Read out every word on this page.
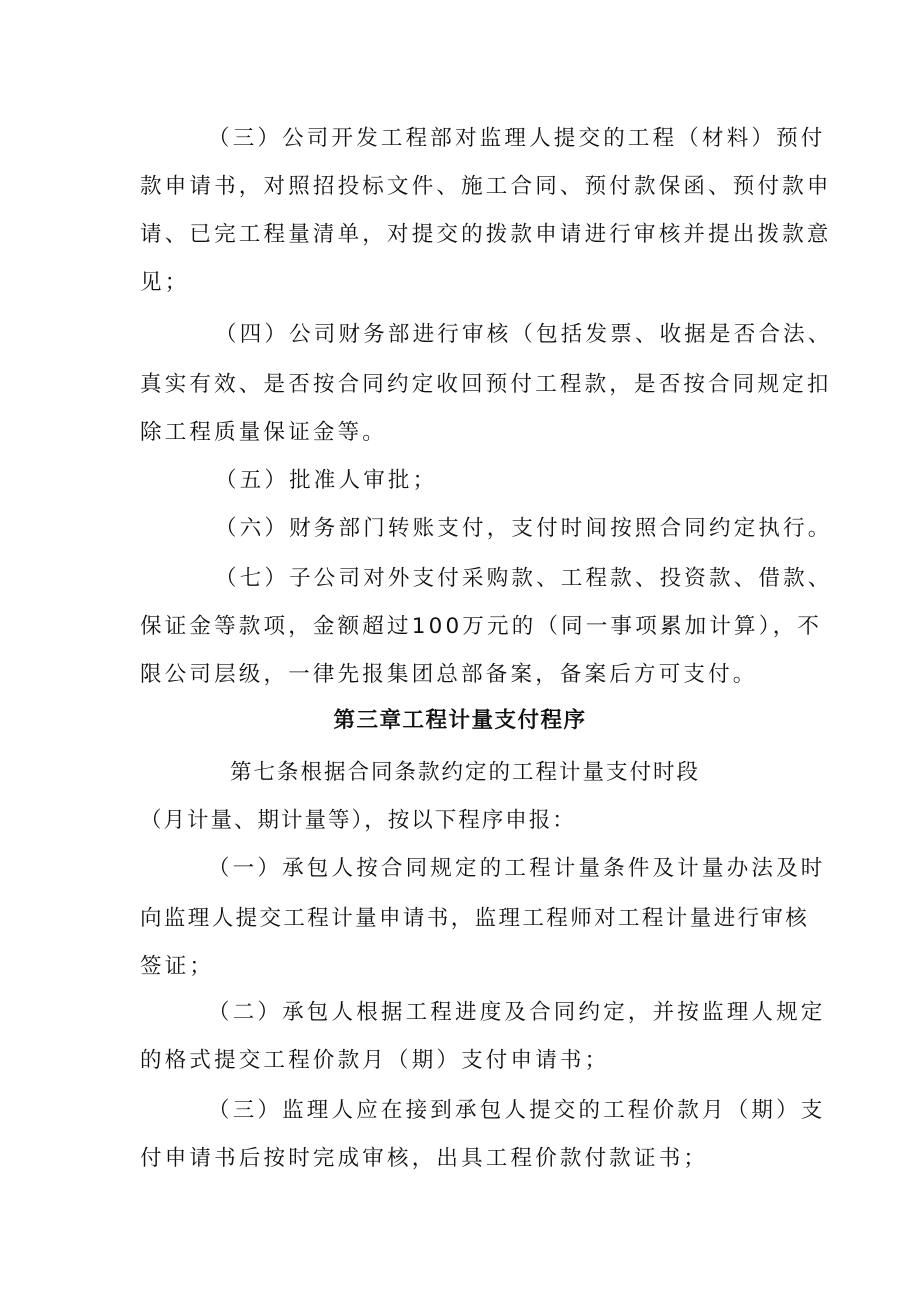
（三）公司开发工程部对监理人提交的工程（材料）预付
款申请书，对照招投标文件、施工合同、预付款保函、预付款申
请、已完工程量清单，对提交的拨款申请进行审核并提出拨款意
见；
（四）公司财务部进行审核（包括发票、收据是否合法、
真实有效、是否按合同约定收回预付工程款，是否按合同规定扣
除工程质量保证金等。
（五）批准人审批；
（六）财务部门转账支付，支付时间按照合同约定执行。
（七）子公司对外支付采购款、工程款、投资款、借款、
保证金等款项，金额超过100万元的（同一事项累加计算），不
限公司层级，一律先报集团总部备案，备案后方可支付。
第三章工程计量支付程序
第七条根据合同条款约定的工程计量支付时段
（月计量、期计量等），按以下程序申报：
（一）承包人按合同规定的工程计量条件及计量办法及时
向监理人提交工程计量申请书，监理工程师对工程计量进行审核
签证；
（二）承包人根据工程进度及合同约定，并按监理人规定
的格式提交工程价款月（期）支付申请书；
（三）监理人应在接到承包人提交的工程价款月（期）支
付申请书后按时完成审核，出具工程价款付款证书；
